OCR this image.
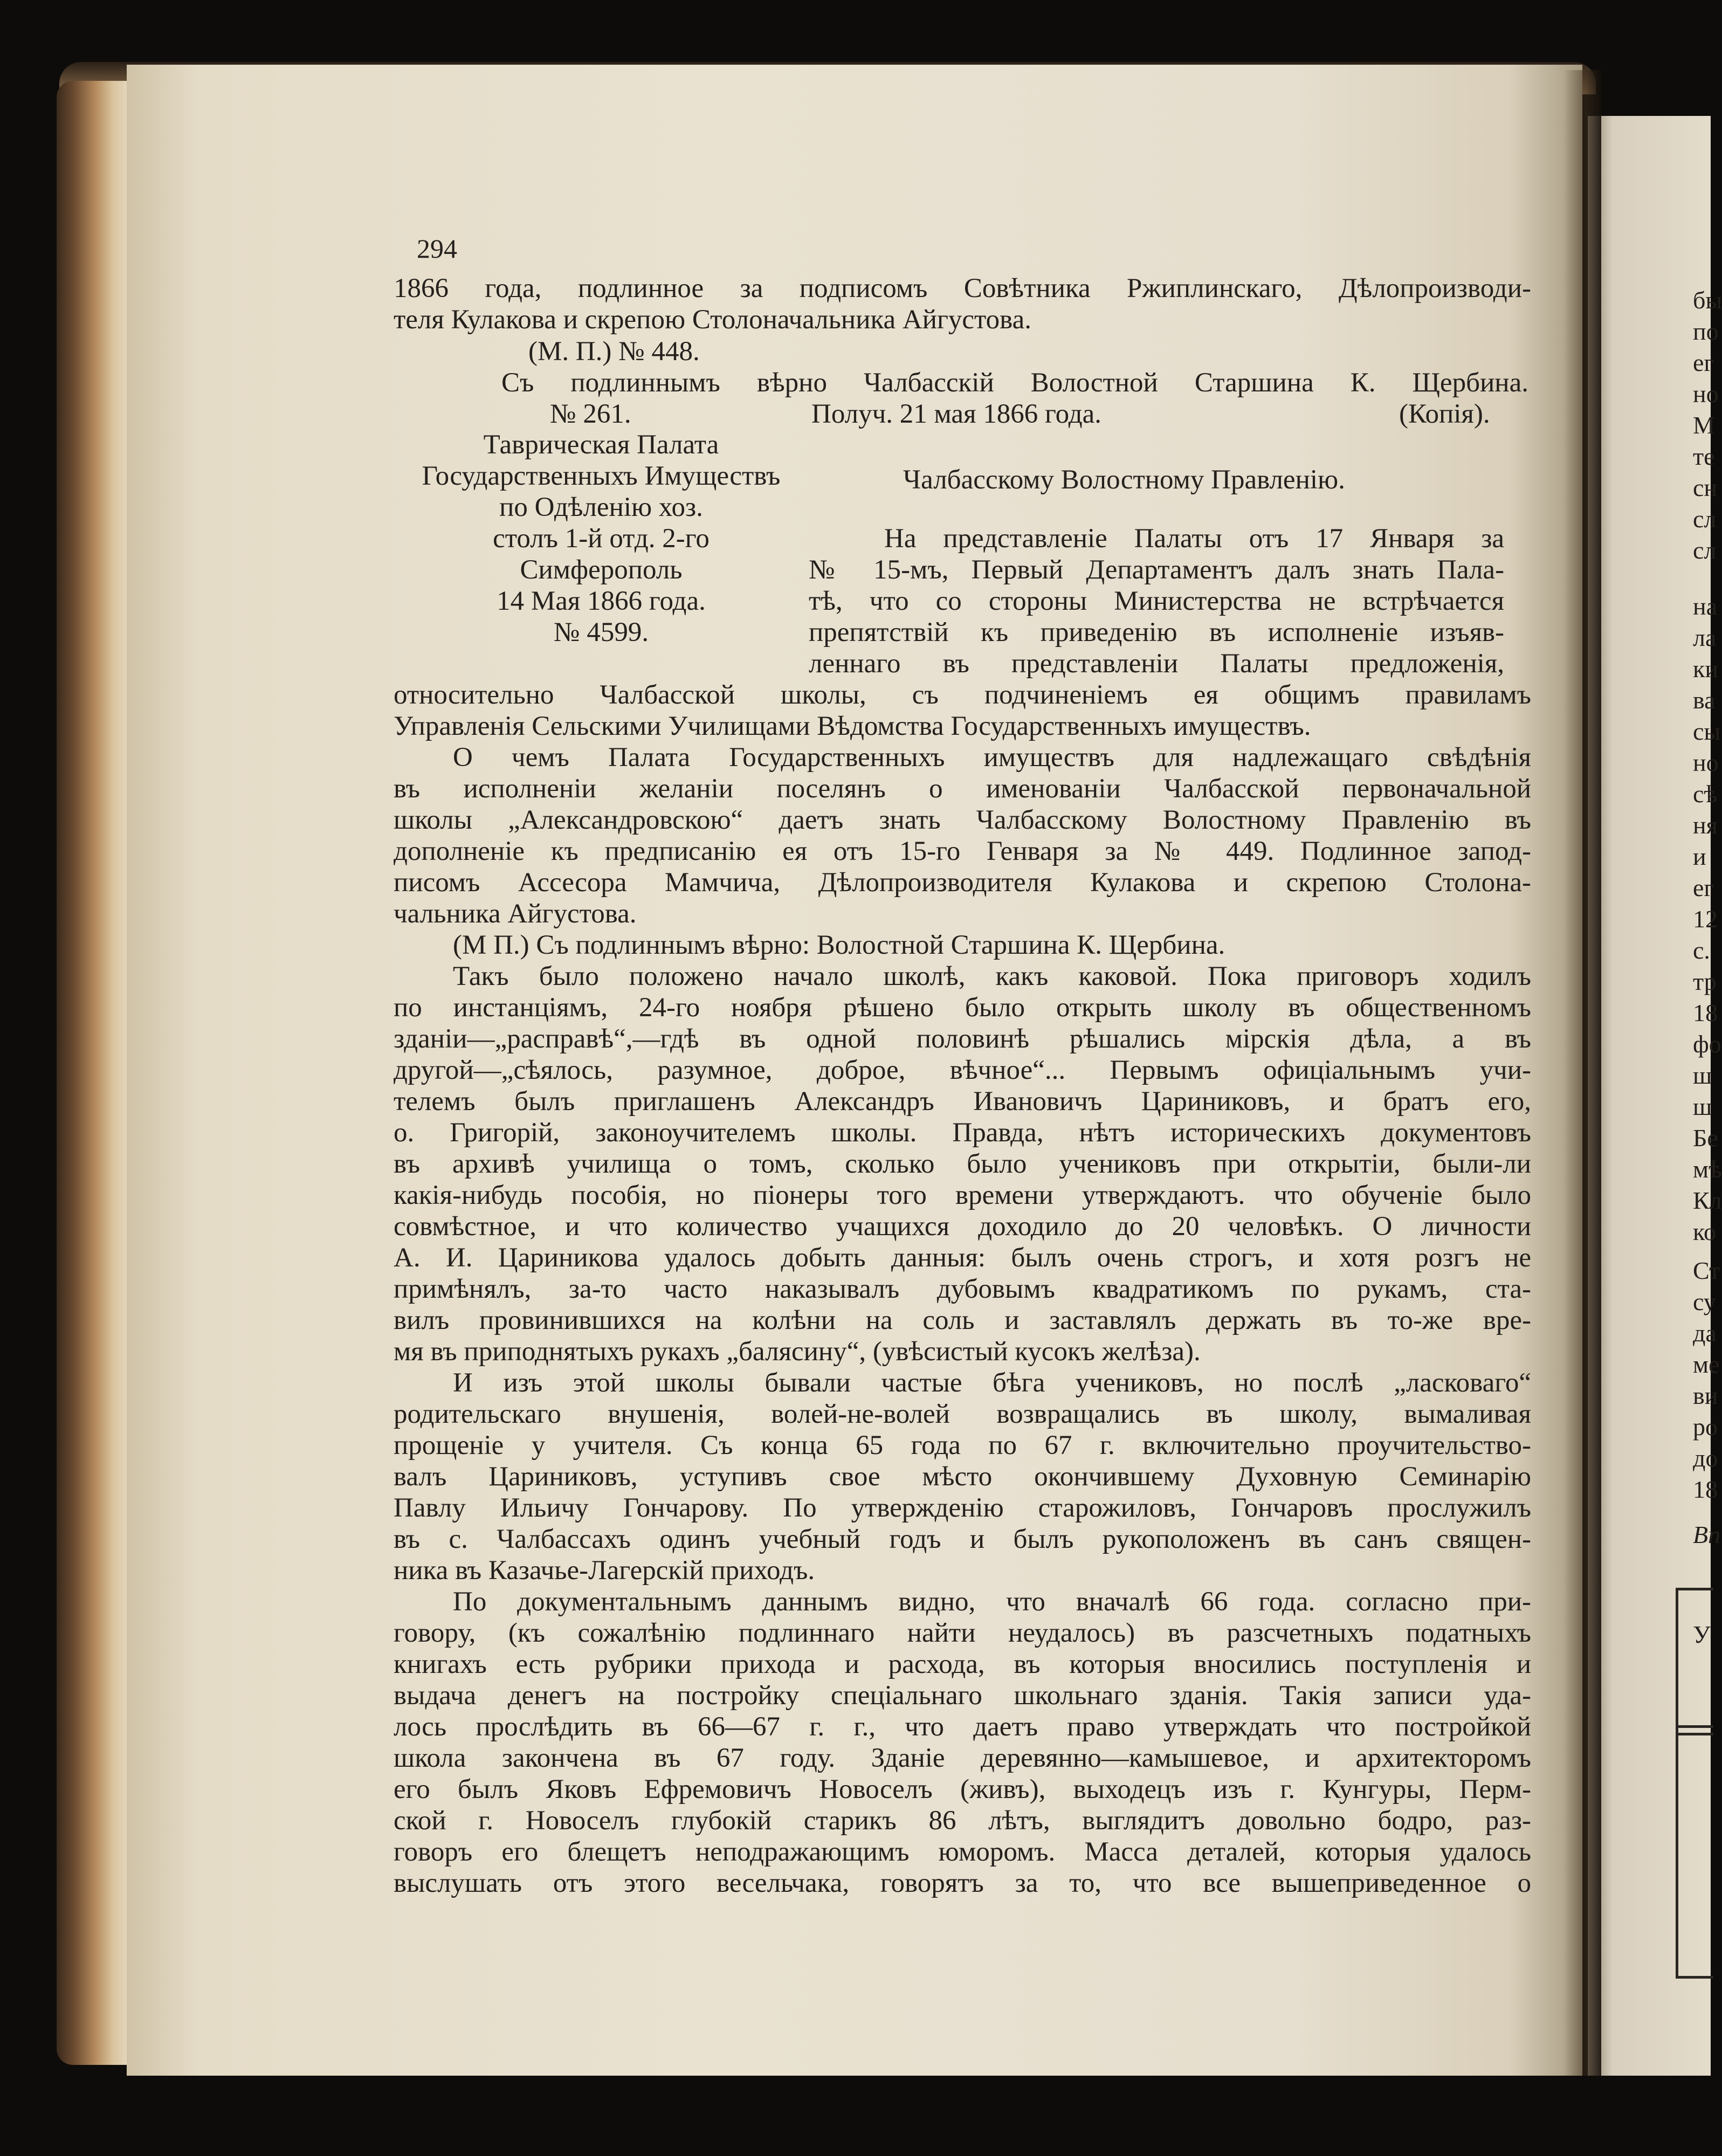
294
1866 года, подлинное за подписомъ Совѣтника Ржиплинскаго, Дѣлопроизводи-
теля Кулакова и скрепою Столоначальника Айгустова.
(М. П.) № 448.
Съ подлиннымъ вѣрно Чалбасскій Волостной Старшина К. Щербина.
№ 261.	Получ. 21 мая 1866 года.	(Копія).
Таврическая Палата
Государственныхъ Имуществъ
по Одѣленію хоз.
столъ 1-й отд. 2-го
Симферополь
14 Мая 1866 года.
№ 4599.
Чалбасскому Волостному Правленію.
На представленіе Палаты отъ 17 Января за
№ 15-мъ, Первый Департаментъ далъ знать Пала-
тѣ, что со стороны Министерства не встрѣчается
препятствій къ приведенію въ исполненіе изъяв-
леннаго въ представленіи Палаты предложенія,
относительно Чалбасской школы, съ подчиненіемъ ея общимъ правиламъ
Управленія Сельскими Училищами Вѣдомства Государственныхъ имуществъ.
О чемъ Палата Государственныхъ имуществъ для надлежащаго свѣдѣнія
въ исполненіи желаніи поселянъ о именованіи Чалбасской первоначальной
школы „Александровскою“ даетъ знать Чалбасскому Волостному Правленію въ
дополненіе къ предписанію ея отъ 15-го Генваря за № 449. Подлинное запод-
писомъ Ассесора Мамчича, Дѣлопроизводителя Кулакова и скрепою Столона-
чальника Айгустова.
(М П.) Съ подлиннымъ вѣрно: Волостной Старшина К. Щербина.
Такъ было положено начало школѣ, какъ каковой. Пока приговоръ ходилъ
по инстанціямъ, 24-го ноября рѣшено было открыть школу въ общественномъ
зданіи—„расправѣ“,—гдѣ въ одной половинѣ рѣшались мірскія дѣла, а въ
другой—„сѣялось, разумное, доброе, вѣчное“... Первымъ офиціальнымъ учи-
телемъ былъ приглашенъ Александръ Ивановичъ Цариниковъ, и братъ его,
о. Григорій, законоучителемъ школы. Правда, нѣтъ историческихъ документовъ
въ архивѣ училища о томъ, сколько было учениковъ при открытіи, были-ли
какія-нибудь пособія, но піонеры того времени утверждаютъ. что обученіе было
совмѣстное, и что количество учащихся доходило до 20 человѣкъ. О личности
А. И. Цариникова удалось добыть данныя: былъ очень строгъ, и хотя розгъ не
примѣнялъ, за-то часто наказывалъ дубовымъ квадратикомъ по рукамъ, ста-
вилъ провинившихся на колѣни на соль и заставлялъ держать въ то-же вре-
мя въ приподнятыхъ рукахъ „балясину“, (увѣсистый кусокъ желѣза).
И изъ этой школы бывали частые бѣга учениковъ, но послѣ „ласковаго“
родительскаго внушенія, волей-не-волей возвращались въ школу, вымаливая
прощеніе у учителя. Съ конца 65 года по 67 г. включительно проучительство-
валъ Цариниковъ, уступивъ свое мѣсто окончившему Духовную Семинарію
Павлу Ильичу Гончарову. По утвержденію старожиловъ, Гончаровъ прослужилъ
въ с. Чалбассахъ одинъ учебный годъ и былъ рукоположенъ въ санъ священ-
ника въ Казачье-Лагерскій приходъ.
По документальнымъ даннымъ видно, что вначалѣ 66 года. согласно при-
говору, (къ сожалѣнію подлиннаго найти неудалось) въ разсчетныхъ податныхъ
книгахъ есть рубрики прихода и расхода, въ которыя вносились поступленія и
выдача денегъ на постройку спеціальнаго школьнаго зданія. Такія записи уда-
лось прослѣдить въ 66—67 г. г., что даетъ право утверждать что постройкой
школа закончена въ 67 году. Зданіе деревянно—камышевое, и архитекторомъ
его былъ Яковъ Ефремовичъ Новоселъ (живъ), выходецъ изъ г. Кунгуры, Перм-
ской г. Новоселъ глубокій старикъ 86 лѣтъ, выглядитъ довольно бодро, раз-
говоръ его блещетъ неподражающимъ юморомъ. Масса деталей, которыя удалось
выслушать отъ этого весельчака, говорятъ за то, что все вышеприведенное о
бы
по
ег
но
М
те
сн
сл
сл
на
ла
ки
ва
сы
но
сѣ
ня
и
ег
12
с.
тр
18
фо
ш
ш
Бе
мѣ
Кл
ко
Ст
су
да
ме
ви
ро
до
18
Вп
У
